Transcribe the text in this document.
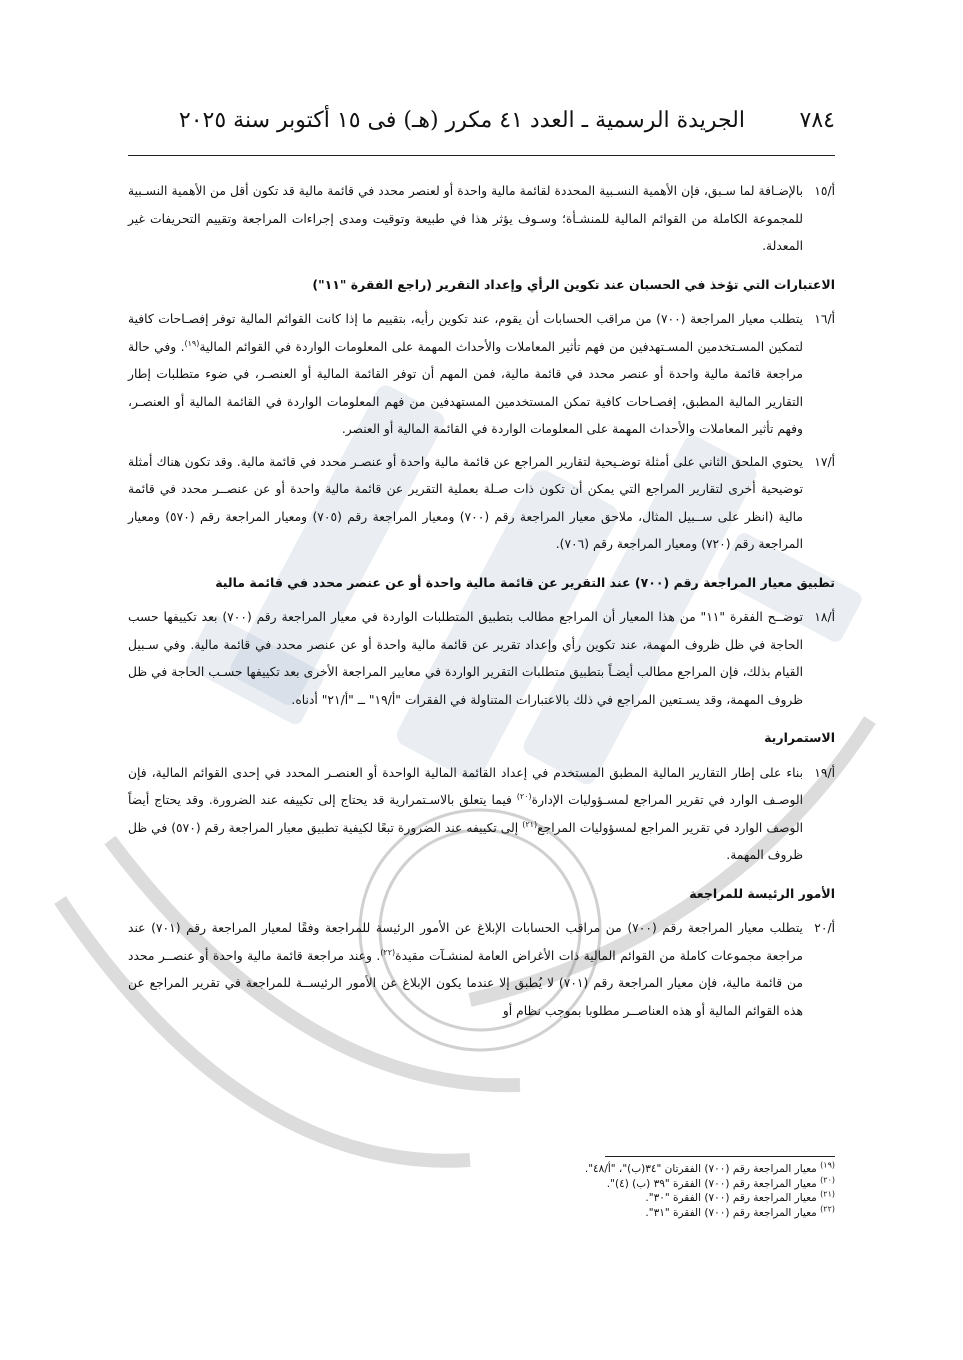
الجريدة الرسمية ـ العدد ٤١ مكرر (هـ) فى ١٥ أكتوبر سنة ٢٠٢٥ ٧٨٤
أ/١٥
بالإضـافة لما سـبق، فإن الأهمية النسـبية المحددة لقائمة مالية واحدة أو لعنصر محدد في قائمة مالية قد تكون أقل من الأهمية النسـبية للمجموعة الكاملة من القوائم المالية للمنشـأة؛ وسـوف يؤثر هذا في طبيعة وتوقيت ومدى إجراءات المراجعة وتقييم التحريفات غير المعدلة.
الاعتبارات التي تؤخذ في الحسبان عند تكوين الرأي وإعداد التقرير (راجع الفقرة "١١")
أ/١٦
يتطلب معيار المراجعة (٧٠٠) من مراقب الحسابات أن يقوم، عند تكوين رأيه، بتقييم ما إذا كانت القوائم المالية توفر إفصـاحات كافية لتمكين المسـتخدمين المسـتهدفين من فهم تأثير المعاملات والأحداث المهمة على المعلومات الواردة في القوائم المالية$^{(١٩)}$. وفي حالة مراجعة قائمة مالية واحدة أو عنصر محدد في قائمة مالية، فمن المهم أن توفر القائمة المالية أو العنصـر، في ضوء متطلبات إطار التقارير المالية المطبق، إفصـاحات كافية تمكن المستخدمين المستهدفين من فهم المعلومات الواردة في القائمة المالية أو العنصـر، وفهم تأثير المعاملات والأحداث المهمة على المعلومات الواردة في القائمة المالية أو العنصر.
أ/١٧
يحتوي الملحق الثاني على أمثلة توضـيحية لتقارير المراجع عن قائمة مالية واحدة أو عنصـر محدد في قائمة مالية. وقد تكون هناك أمثلة توضيحية أخرى لتقارير المراجع التي يمكن أن تكون ذات صـلة بعملية التقرير عن قائمة مالية واحدة أو عن عنصــر محدد في قائمة مالية (انظر على ســبيل المثال، ملاحق معيار المراجعة رقم (٧٠٠) ومعيار المراجعة رقم (٧٠٥) ومعيار المراجعة رقم (٥٧٠) ومعيار المراجعة رقم (٧٢٠) ومعيار المراجعة رقم (٧٠٦).
تطبيق معيار المراجعة رقم (٧٠٠) عند التقرير عن قائمة مالية واحدة أو عن عنصر محدد في قائمة مالية
أ/١٨
توضــح الفقرة "١١" من هذا المعيار أن المراجع مطالب بتطبيق المتطلبات الواردة في معيار المراجعة رقم (٧٠٠) بعد تكييفها حسب الحاجة في ظل ظروف المهمة، عند تكوين رأي وإعداد تقرير عن قائمة مالية واحدة أو عن عنصر محدد في قائمة مالية. وفي سـبيل القيام بذلك، فإن المراجع مطالب أيضـاً بتطبيق متطلبات التقرير الواردة في معايير المراجعة الأخرى بعد تكييفها حسـب الحاجة في ظل ظروف المهمة، وقد يسـتعين المراجع في ذلك بالاعتبارات المتناولة في الفقرات "أ/١٩" ــ "أ/٢١" أدناه.
الاستمرارية
أ/١٩
بناء على إطار التقارير المالية المطبق المستخدم في إعداد القائمة المالية الواحدة أو العنصـر المحدد في إحدى القوائم المالية، فإن الوصـف الوارد في تقرير المراجع لمسـؤوليات الإدارة$^{(٢٠)}$ فيما يتعلق بالاسـتمرارية قد يحتاج إلى تكييفه عند الضرورة. وقد يحتاج أيضاً الوصف الوارد في تقرير المراجع لمسؤوليات المراجع$^{(٢١)}$ إلى تكييفه عند الضرورة تبعًا لكيفية تطبيق معيار المراجعة رقم (٥٧٠) في ظل ظروف المهمة.
الأمور الرئيسة للمراجعة
أ/٢٠
يتطلب معيار المراجعة رقم (٧٠٠) من مراقب الحسابات الإبلاغ عن الأمور الرئيسة للمراجعة وفقًا لمعيار المراجعة رقم (٧٠١) عند مراجعة مجموعات كاملة من القوائم المالية ذات الأغراض العامة لمنشـآت مقيدة$^{(٢٢)}$. وعند مراجعة قائمة مالية واحدة أو عنصــر محدد من قائمة مالية، فإن معيار المراجعة رقم (٧٠١) لا يُطبق إلا عندما يكون الإبلاغ عن الأمور الرئيســة للمراجعة في تقرير المراجع عن هذه القوائم المالية أو هذه العناصــر مطلوبا بموجب نظام أو

$^{(١٩)}$ معيار المراجعة رقم (٧٠٠) الفقرتان "٣٤(ب)"، "أ/٤٨".

$^{(٢٠)}$ معيار المراجعة رقم (٧٠٠) الفقرة "٣٩ (ب) (٤)".

$^{(٢١)}$ معيار المراجعة رقم (٧٠٠) الفقرة "٣٠".

$^{(٢٢)}$ معيار المراجعة رقم (٧٠٠) الفقرة "٣١".
